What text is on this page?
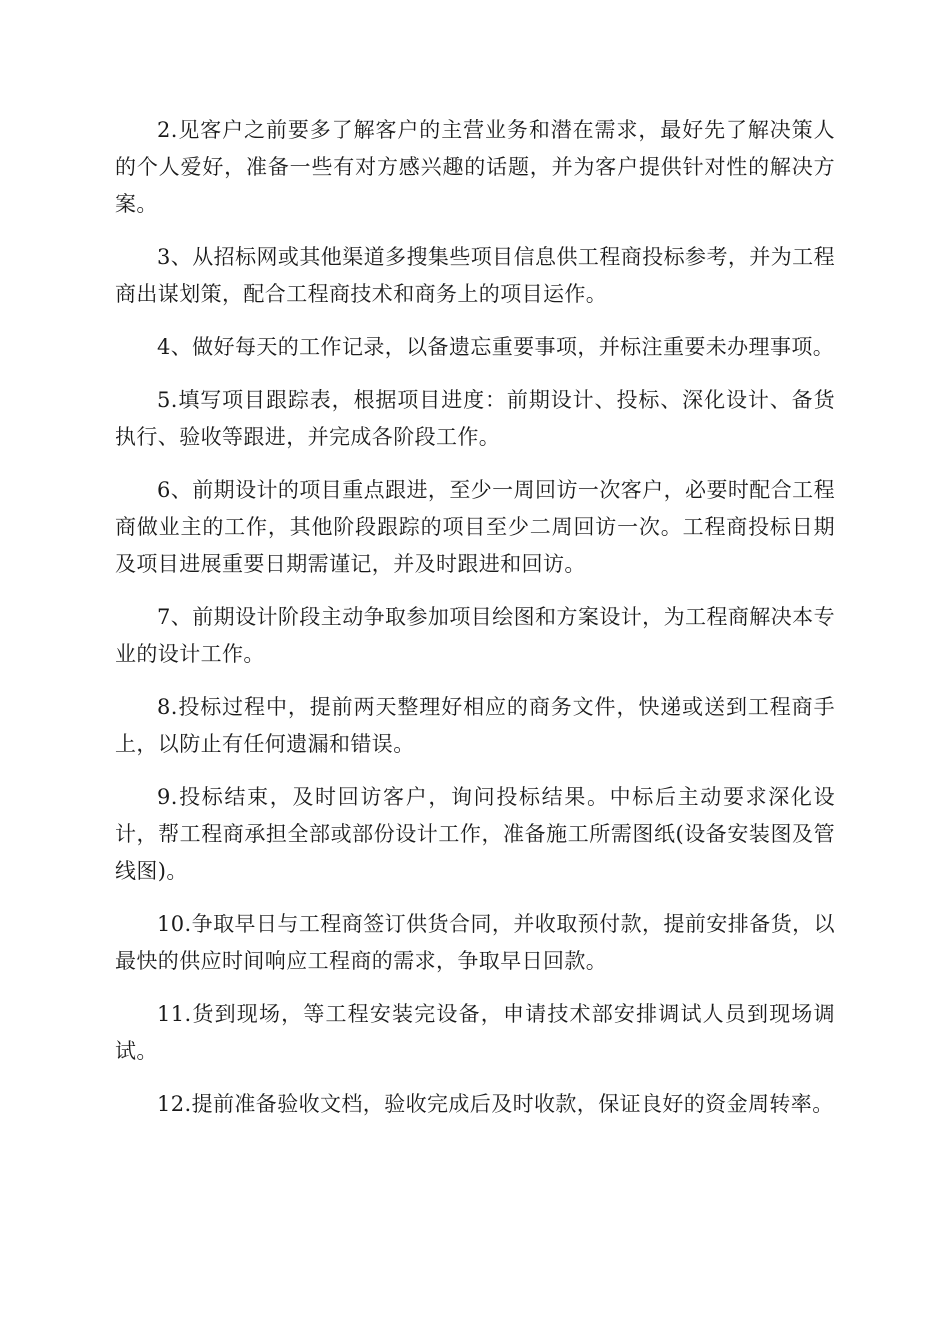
2.见客户之前要多了解客户的主营业务和潜在需求，最好先了解决策人的个人爱好，准备一些有对方感兴趣的话题，并为客户提供针对性的解决方案。

3、从招标网或其他渠道多搜集些项目信息供工程商投标参考，并为工程商出谋划策，配合工程商技术和商务上的项目运作。

4、做好每天的工作记录，以备遗忘重要事项，并标注重要未办理事项。

5.填写项目跟踪表，根据项目进度：前期设计、投标、深化设计、备货执行、验收等跟进，并完成各阶段工作。

6、前期设计的项目重点跟进，至少一周回访一次客户，必要时配合工程商做业主的工作，其他阶段跟踪的项目至少二周回访一次。工程商投标日期及项目进展重要日期需谨记，并及时跟进和回访。

7、前期设计阶段主动争取参加项目绘图和方案设计，为工程商解决本专业的设计工作。

8.投标过程中，提前两天整理好相应的商务文件，快递或送到工程商手上，以防止有任何遗漏和错误。

9.投标结束，及时回访客户，询问投标结果。中标后主动要求深化设计，帮工程商承担全部或部份设计工作，准备施工所需图纸(设备安装图及管线图)。

10.争取早日与工程商签订供货合同，并收取预付款，提前安排备货，以最快的供应时间响应工程商的需求，争取早日回款。

11.货到现场，等工程安装完设备，申请技术部安排调试人员到现场调试。

12.提前准备验收文档，验收完成后及时收款，保证良好的资金周转率。
